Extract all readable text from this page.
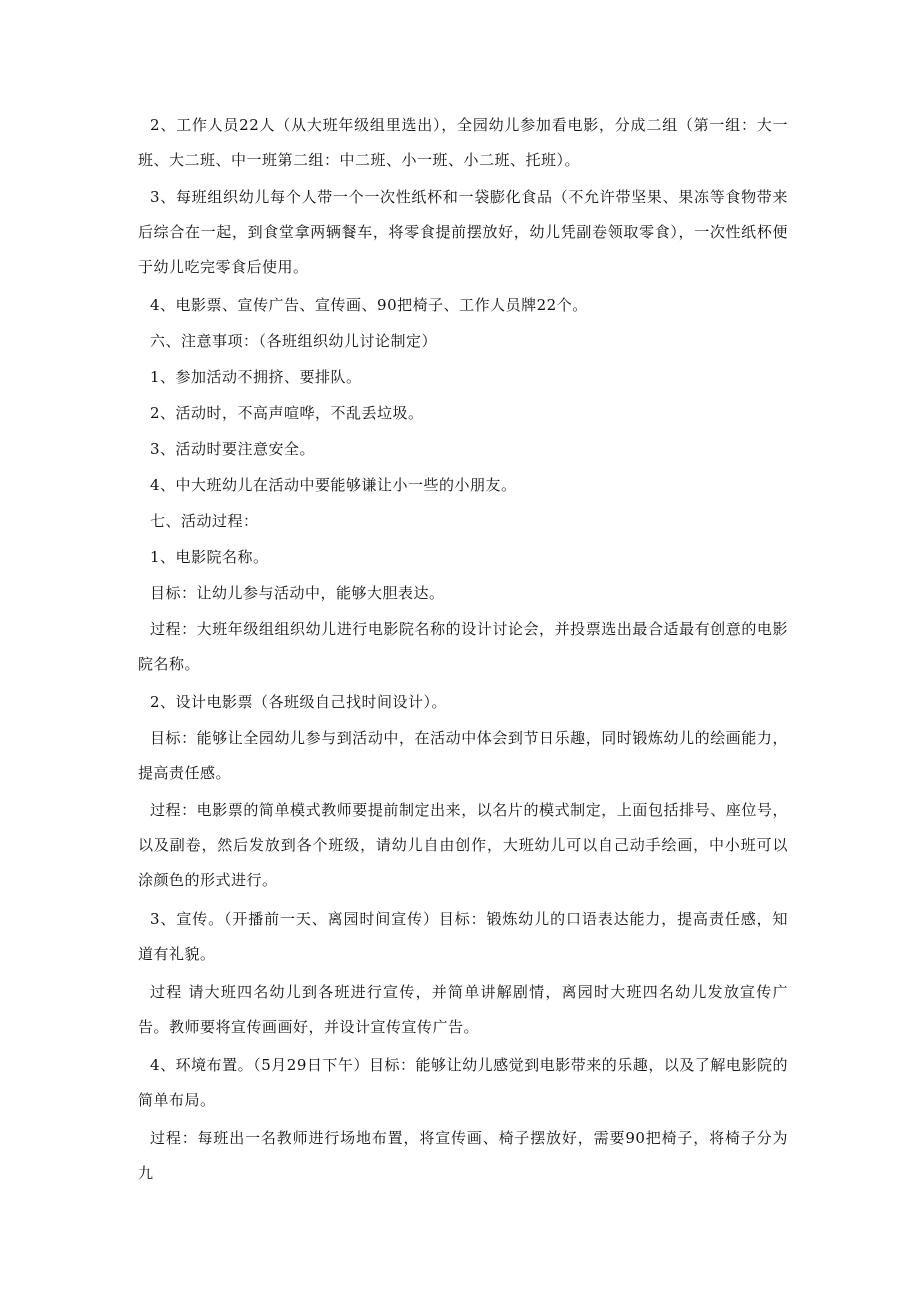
2、工作人员22人（从大班年级组里选出），全园幼儿参加看电影，分成二组（第一组：大一班、大二班、中一班第二组：中二班、小一班、小二班、托班）。

3、每班组织幼儿每个人带一个一次性纸杯和一袋膨化食品（不允许带坚果、果冻等食物带来后综合在一起，到食堂拿两辆餐车，将零食提前摆放好，幼儿凭副卷领取零食），一次性纸杯便于幼儿吃完零食后使用。

4、电影票、宣传广告、宣传画、90把椅子、工作人员牌22个。

六、注意事项：（各班组织幼儿讨论制定）

1、参加活动不拥挤、要排队。

2、活动时，不高声喧哗，不乱丢垃圾。

3、活动时要注意安全。

4、中大班幼儿在活动中要能够谦让小一些的小朋友。

七、活动过程：

1、电影院名称。

目标：让幼儿参与活动中，能够大胆表达。

过程：大班年级组组织幼儿进行电影院名称的设计讨论会，并投票选出最合适最有创意的电影院名称。

2、设计电影票（各班级自己找时间设计）。

目标：能够让全园幼儿参与到活动中，在活动中体会到节日乐趣，同时锻炼幼儿的绘画能力，提高责任感。

过程：电影票的简单模式教师要提前制定出来，以名片的模式制定，上面包括排号、座位号，以及副卷，然后发放到各个班级，请幼儿自由创作，大班幼儿可以自己动手绘画，中小班可以涂颜色的形式进行。

3、宣传。（开播前一天、离园时间宣传）目标：锻炼幼儿的口语表达能力，提高责任感，知道有礼貌。

过程 请大班四名幼儿到各班进行宣传，并简单讲解剧情，离园时大班四名幼儿发放宣传广告。教师要将宣传画画好，并设计宣传宣传广告。

4、环境布置。（5月29日下午）目标：能够让幼儿感觉到电影带来的乐趣，以及了解电影院的简单布局。

过程：每班出一名教师进行场地布置，将宣传画、椅子摆放好，需要90把椅子，将椅子分为九
